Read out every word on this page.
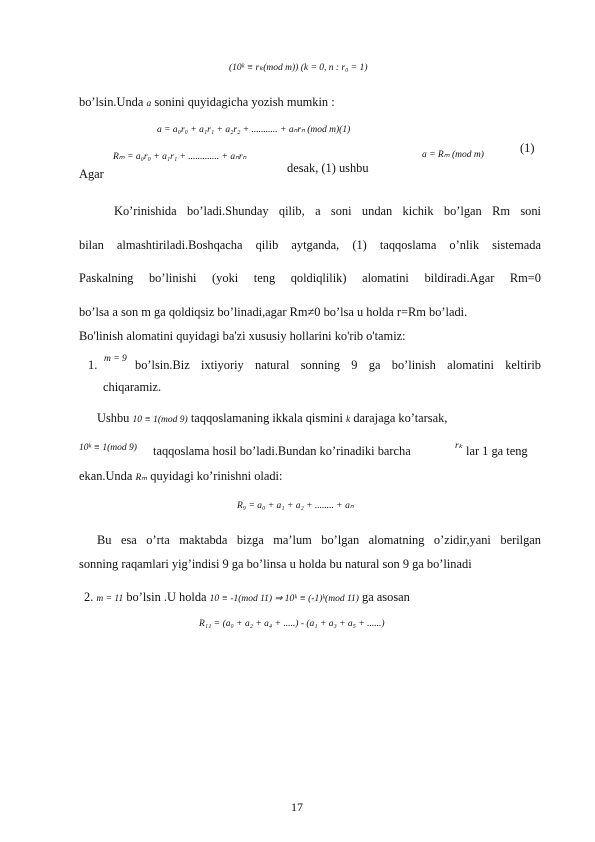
(10ᵏ ≡ rₖ(mod m)) (k = 0, n : r₀ = 1)
bo’lsin.Unda a sonini quyidagicha yozish mumkin :
a = a₀r₀ + a₁r₁ + a₂r₂ + ........... + aₙrₙ (mod m)(1)
(1)
Agar
Rₘ = a₀r₀ + a₁r₁ + ............. + aₙrₙ
desak, (1) ushbu
a = Rₘ (mod m)
Ko’rinishida bo’ladi.Shunday qilib, a soni undan kichik bo’lgan Rm soni
bilan almashtiriladi.Boshqacha qilib aytganda, (1) taqqoslama o’nlik sistemada
Paskalning bo’linishi (yoki teng qoldiqlilik) alomatini bildiradi.Agar Rm=0
bo’lsa a son m ga qoldiqsiz bo’linadi,agar Rm≠0 bo’lsa u holda r=Rm bo’ladi.
Bo'linish alomatini quyidagi ba'zi xususiy hollarini ko'rib o'tamiz:
1. m = 9 bo’lsin.Biz ixtiyoriy natural sonning 9 ga bo’linish alomatini keltirib
chiqaramiz.
Ushbu 10 ≡ 1(mod 9) taqqoslamaning ikkala qismini k darajaga ko’tarsak,
10ᵏ ≡ 1(mod 9) taqqoslama hosil bo’ladi.Bundan ko’rinadiki barcha	rₖ lar 1 ga teng
ekan.Unda Rₘ quyidagi ko’rinishni oladi:
R₉ = a₀ + a₁ + a₂ + ........ + aₙ
Bu esa o’rta maktabda bizga ma’lum bo’lgan alomatning o’zidir,yani berilgan
sonning raqamlari yig’indisi 9 ga bo’linsa u holda bu natural son 9 ga bo’linadi
2. m = 11 bo’lsin .U holda 10 ≡ -1(mod 11) ⇒ 10ᵏ ≡ (-1)ᵏ(mod 11) ga asosan
R₁₁ = (a₀ + a₂ + a₄ + .....) - (a₁ + a₃ + a₅ + ......)
17
